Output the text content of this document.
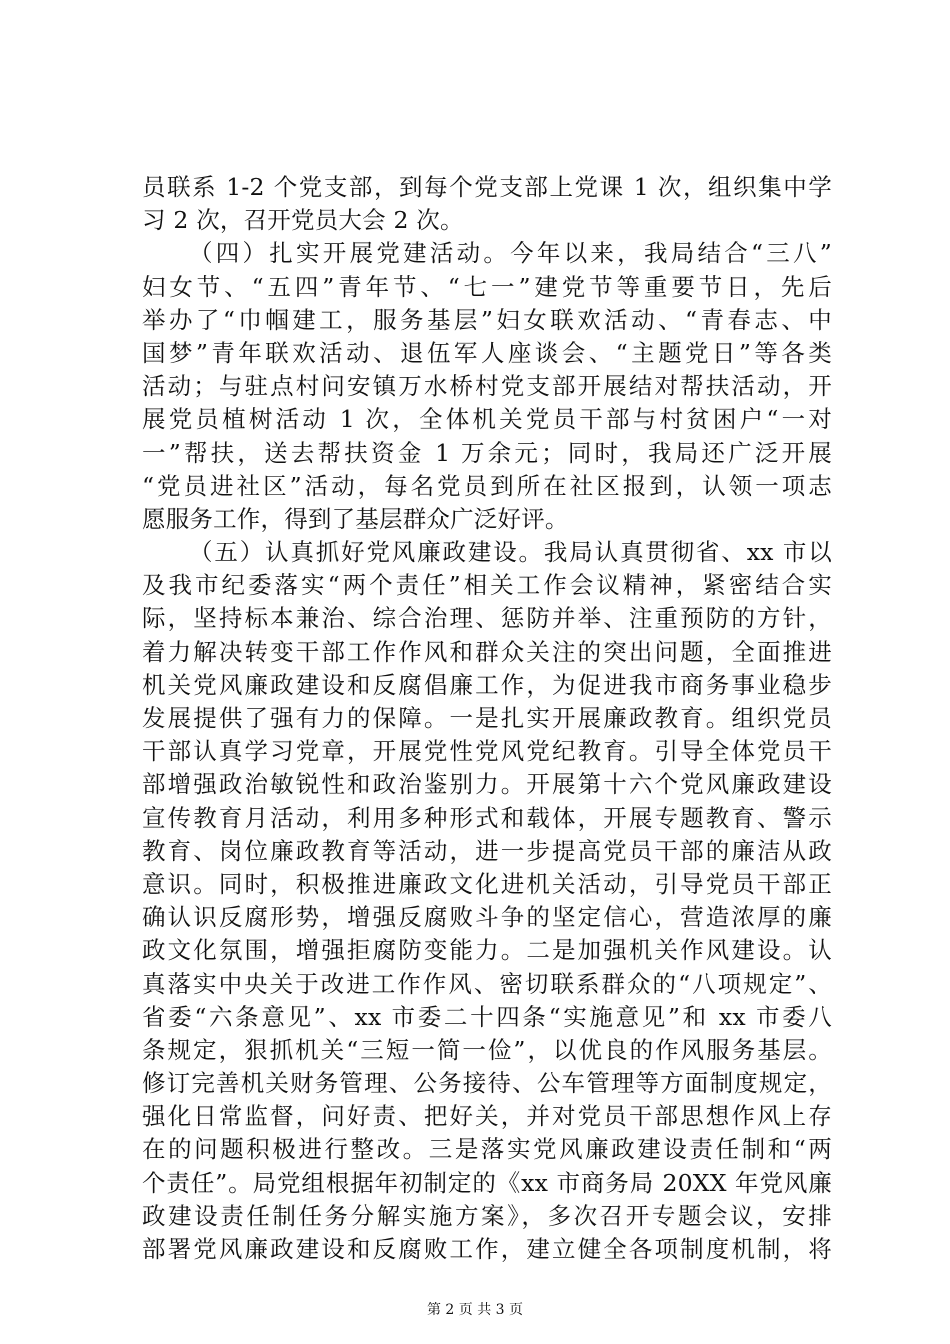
员联系 1-2 个党支部，到每个党支部上党课 1 次，组织集中学
习 2 次，召开党员大会 2 次。
（四）扎实开展党建活动。今年以来，我局结合“三八”
妇女节、“五四”青年节、“七一”建党节等重要节日，先后
举办了“巾帼建工，服务基层”妇女联欢活动、“青春志、中
国梦”青年联欢活动、退伍军人座谈会、“主题党日”等各类
活动；与驻点村问安镇万水桥村党支部开展结对帮扶活动，开
展党员植树活动 1 次，全体机关党员干部与村贫困户“一对
一”帮扶，送去帮扶资金 1 万余元；同时，我局还广泛开展
“党员进社区”活动，每名党员到所在社区报到，认领一项志
愿服务工作，得到了基层群众广泛好评。
（五）认真抓好党风廉政建设。我局认真贯彻省、xx 市以
及我市纪委落实“两个责任”相关工作会议精神，紧密结合实
际，坚持标本兼治、综合治理、惩防并举、注重预防的方针，
着力解决转变干部工作作风和群众关注的突出问题，全面推进
机关党风廉政建设和反腐倡廉工作，为促进我市商务事业稳步
发展提供了强有力的保障。一是扎实开展廉政教育。组织党员
干部认真学习党章，开展党性党风党纪教育。引导全体党员干
部增强政治敏锐性和政治鉴别力。开展第十六个党风廉政建设
宣传教育月活动，利用多种形式和载体，开展专题教育、警示
教育、岗位廉政教育等活动，进一步提高党员干部的廉洁从政
意识。同时，积极推进廉政文化进机关活动，引导党员干部正
确认识反腐形势，增强反腐败斗争的坚定信心，营造浓厚的廉
政文化氛围，增强拒腐防变能力。二是加强机关作风建设。认
真落实中央关于改进工作作风、密切联系群众的“八项规定”、
省委“六条意见”、xx 市委二十四条“实施意见”和 xx 市委八
条规定，狠抓机关“三短一简一俭”，以优良的作风服务基层。
修订完善机关财务管理、公务接待、公车管理等方面制度规定，
强化日常监督，问好责、把好关，并对党员干部思想作风上存
在的问题积极进行整改。三是落实党风廉政建设责任制和“两
个责任”。局党组根据年初制定的《xx 市商务局 20XX 年党风廉
政建设责任制任务分解实施方案》，多次召开专题会议，安排
部署党风廉政建设和反腐败工作，建立健全各项制度机制，将
第 2 页 共 3 页
